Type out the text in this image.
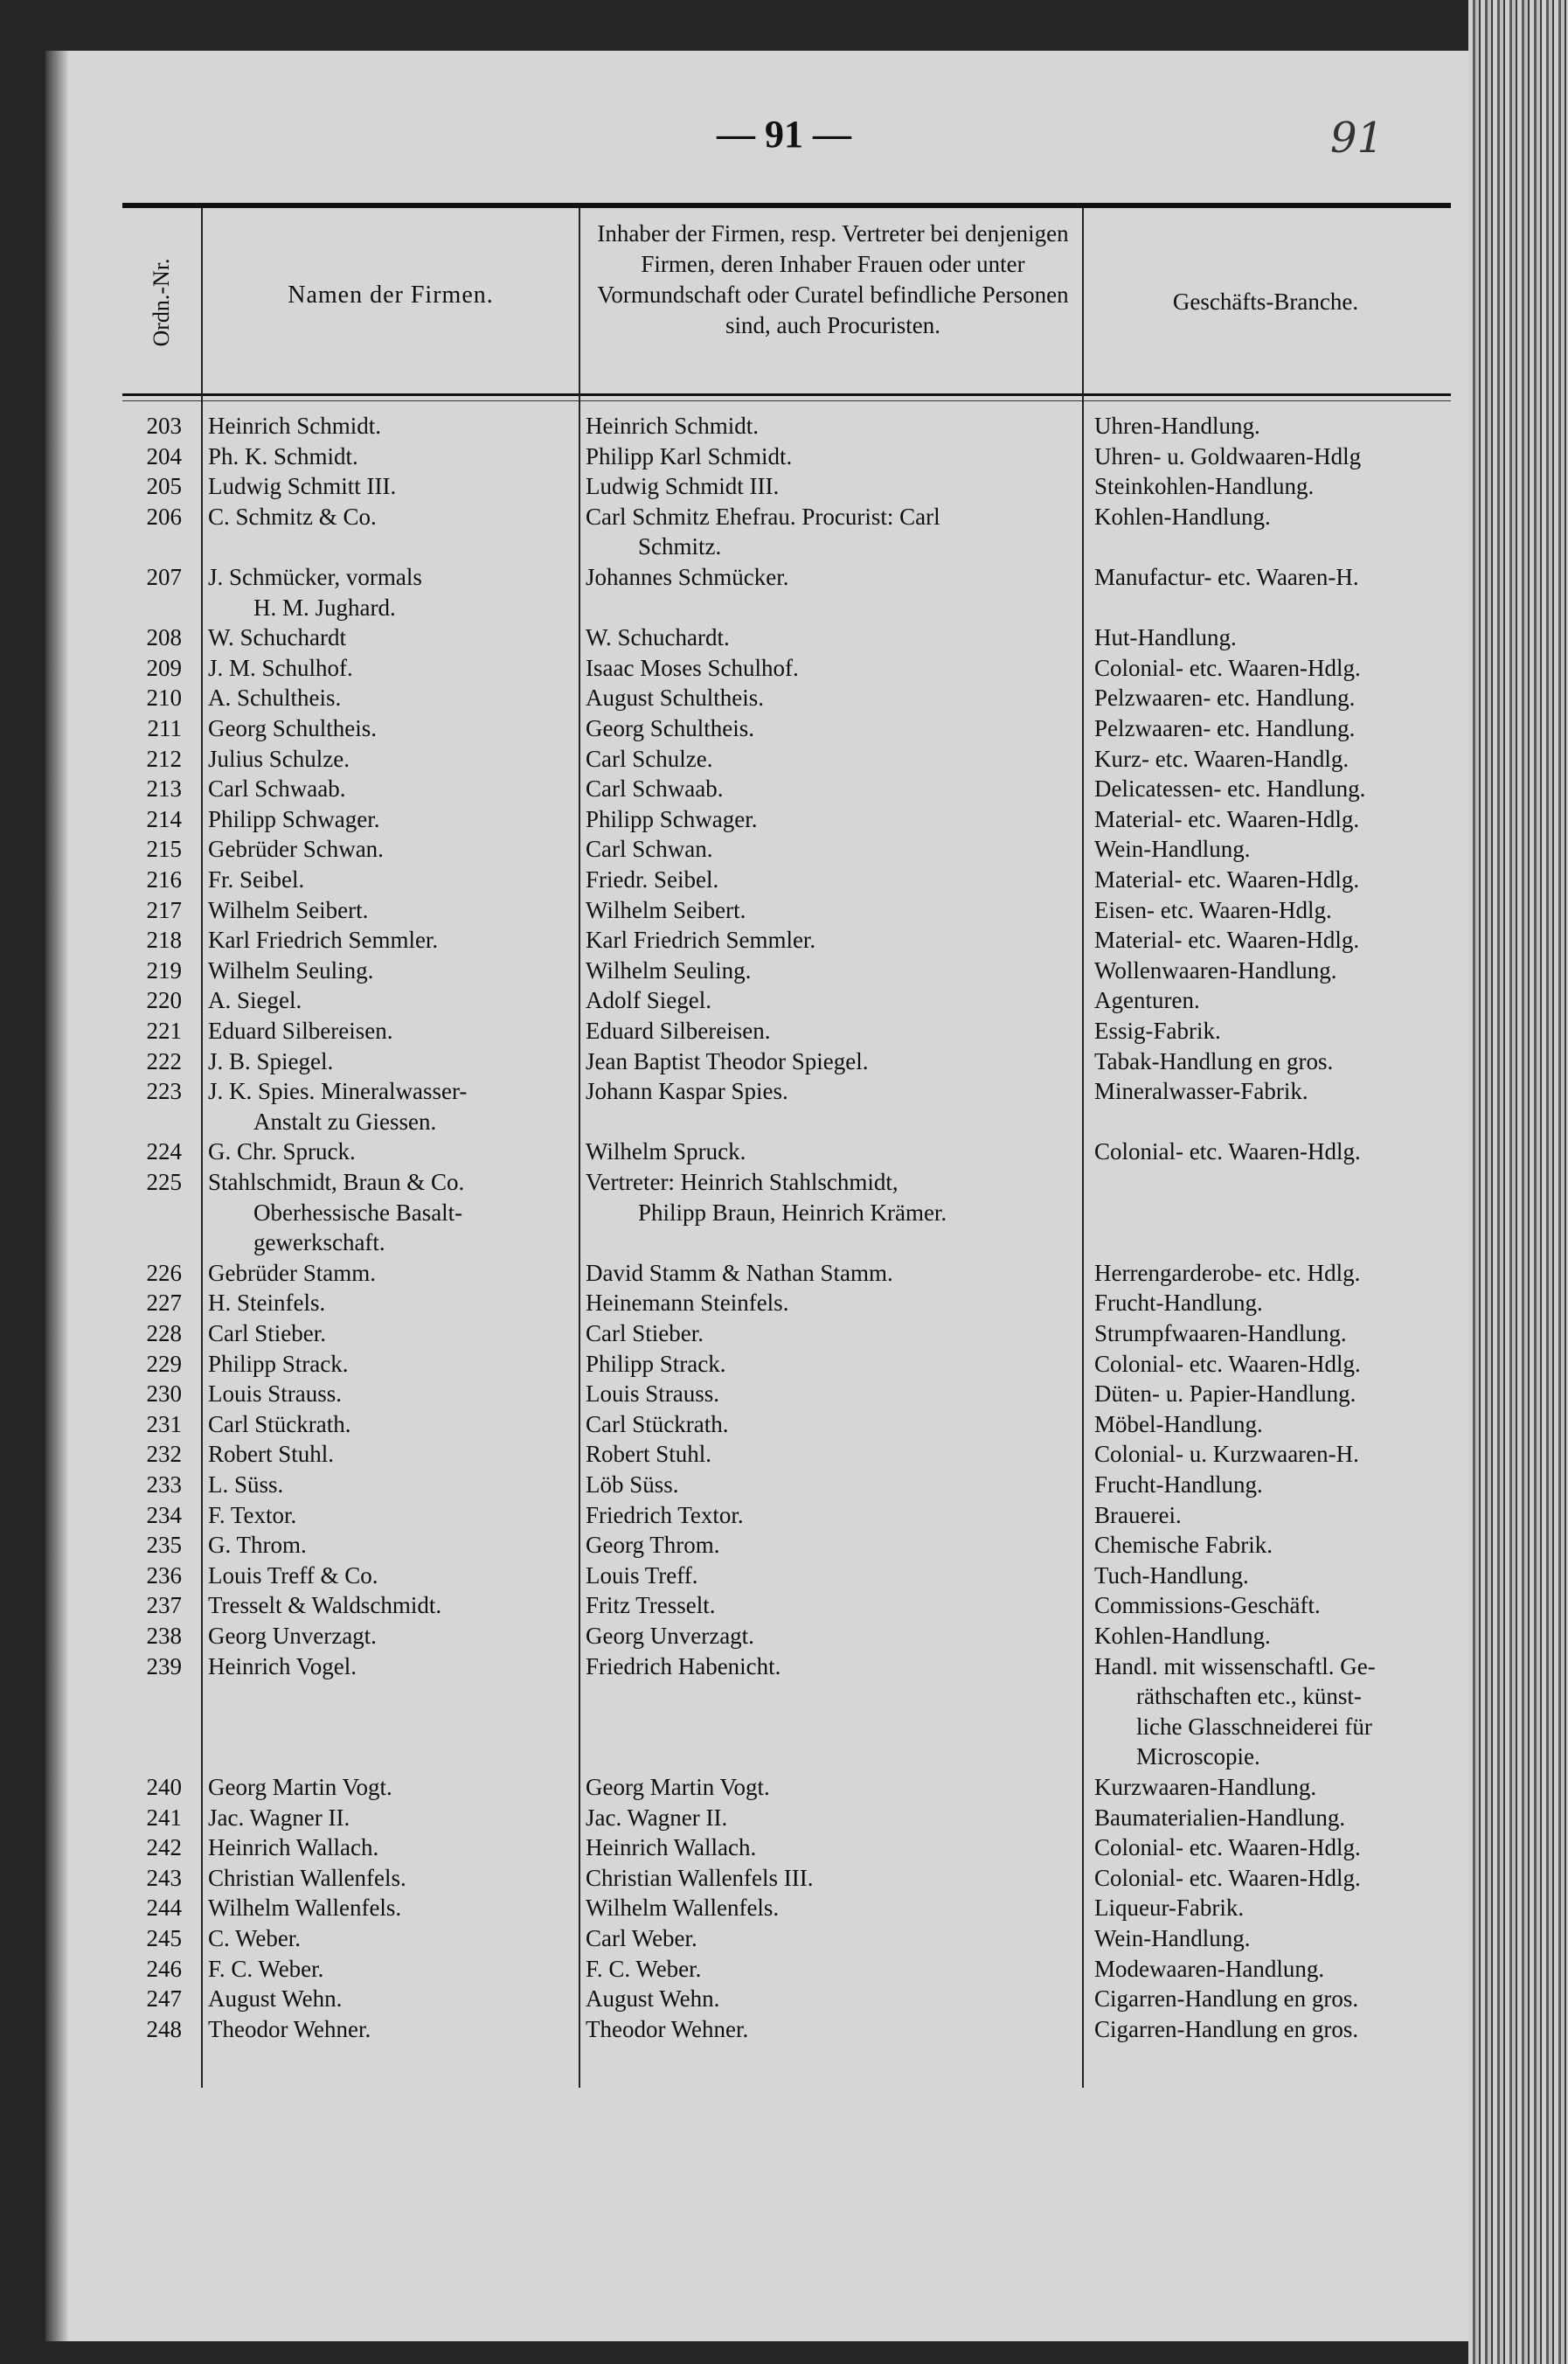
— 91 —	91
Ordn.-Nr.	Namen der Firmen.
Inhaber der Firmen, resp. Vertreter bei denjenigen Firmen, deren Inhaber Frauen oder unter Vormundschaft oder Curatel befindliche Personen sind, auch Procuristen.
Geschäfts-Branche.
203 Heinrich Schmidt.	Heinrich Schmidt.	Uhren-Handlung.
204 Ph. K. Schmidt.	Philipp Karl Schmidt.	Uhren- u. Goldwaaren-Hdlg
205 Ludwig Schmitt III.	Ludwig Schmidt III.	Steinkohlen-Handlung.
206 C. Schmitz & Co.	Carl Schmitz Ehefrau. Procurist: Carl	Kohlen-Handlung.
Schmitz.
207 J. Schmücker, vormals	Johannes Schmücker.	Manufactur- etc. Waaren-H.
H. M. Jughard.
208 W. Schuchardt	W. Schuchardt.	Hut-Handlung.
209 J. M. Schulhof.	Isaac Moses Schulhof.	Colonial- etc. Waaren-Hdlg.
210 A. Schultheis.	August Schultheis.	Pelzwaaren- etc. Handlung.
211 Georg Schultheis.	Georg Schultheis.	Pelzwaaren- etc. Handlung.
212 Julius Schulze.	Carl Schulze.	Kurz- etc. Waaren-Handlg.
213 Carl Schwaab.	Carl Schwaab.	Delicatessen- etc. Handlung.
214 Philipp Schwager.	Philipp Schwager.	Material- etc. Waaren-Hdlg.
215 Gebrüder Schwan.	Carl Schwan.	Wein-Handlung.
216 Fr. Seibel.	Friedr. Seibel.	Material- etc. Waaren-Hdlg.
217 Wilhelm Seibert.	Wilhelm Seibert.	Eisen- etc. Waaren-Hdlg.
218 Karl Friedrich Semmler.	Karl Friedrich Semmler.	Material- etc. Waaren-Hdlg.
219 Wilhelm Seuling.	Wilhelm Seuling.	Wollenwaaren-Handlung.
220 A. Siegel.	Adolf Siegel.	Agenturen.
221 Eduard Silbereisen.	Eduard Silbereisen.	Essig-Fabrik.
222 J. B. Spiegel.	Jean Baptist Theodor Spiegel.	Tabak-Handlung en gros.
223 J. K. Spies. Mineralwasser-	Johann Kaspar Spies.	Mineralwasser-Fabrik.
Anstalt zu Giessen.
224 G. Chr. Spruck.	Wilhelm Spruck.	Colonial- etc. Waaren-Hdlg.
225 Stahlschmidt, Braun & Co.	Vertreter: Heinrich Stahlschmidt,
Oberhessische Basalt-	Philipp Braun, Heinrich Krämer.
gewerkschaft.
226 Gebrüder Stamm.	David Stamm & Nathan Stamm.	Herrengarderobe- etc. Hdlg.
227 H. Steinfels.	Heinemann Steinfels.	Frucht-Handlung.
228 Carl Stieber.	Carl Stieber.	Strumpfwaaren-Handlung.
229 Philipp Strack.	Philipp Strack.	Colonial- etc. Waaren-Hdlg.
230 Louis Strauss.	Louis Strauss.	Düten- u. Papier-Handlung.
231 Carl Stückrath.	Carl Stückrath.	Möbel-Handlung.
232 Robert Stuhl.	Robert Stuhl.	Colonial- u. Kurzwaaren-H.
233 L. Süss.	Löb Süss.	Frucht-Handlung.
234 F. Textor.	Friedrich Textor.	Brauerei.
235 G. Throm.	Georg Throm.	Chemische Fabrik.
236 Louis Treff & Co.	Louis Treff.	Tuch-Handlung.
237 Tresselt & Waldschmidt.	Fritz Tresselt.	Commissions-Geschäft.
238 Georg Unverzagt.	Georg Unverzagt.	Kohlen-Handlung.
239 Heinrich Vogel.	Friedrich Habenicht.	Handl. mit wissenschaftl. Ge-
räthschaften etc., künst-
liche Glasschneiderei für
Microscopie.
240 Georg Martin Vogt.	Georg Martin Vogt.	Kurzwaaren-Handlung.
241 Jac. Wagner II.	Jac. Wagner II.	Baumaterialien-Handlung.
242 Heinrich Wallach.	Heinrich Wallach.	Colonial- etc. Waaren-Hdlg.
243 Christian Wallenfels.	Christian Wallenfels III.	Colonial- etc. Waaren-Hdlg.
244 Wilhelm Wallenfels.	Wilhelm Wallenfels.	Liqueur-Fabrik.
245 C. Weber.	Carl Weber.	Wein-Handlung.
246 F. C. Weber.	F. C. Weber.	Modewaaren-Handlung.
247 August Wehn.	August Wehn.	Cigarren-Handlung en gros.
248 Theodor Wehner.	Theodor Wehner.	Cigarren-Handlung en gros.
